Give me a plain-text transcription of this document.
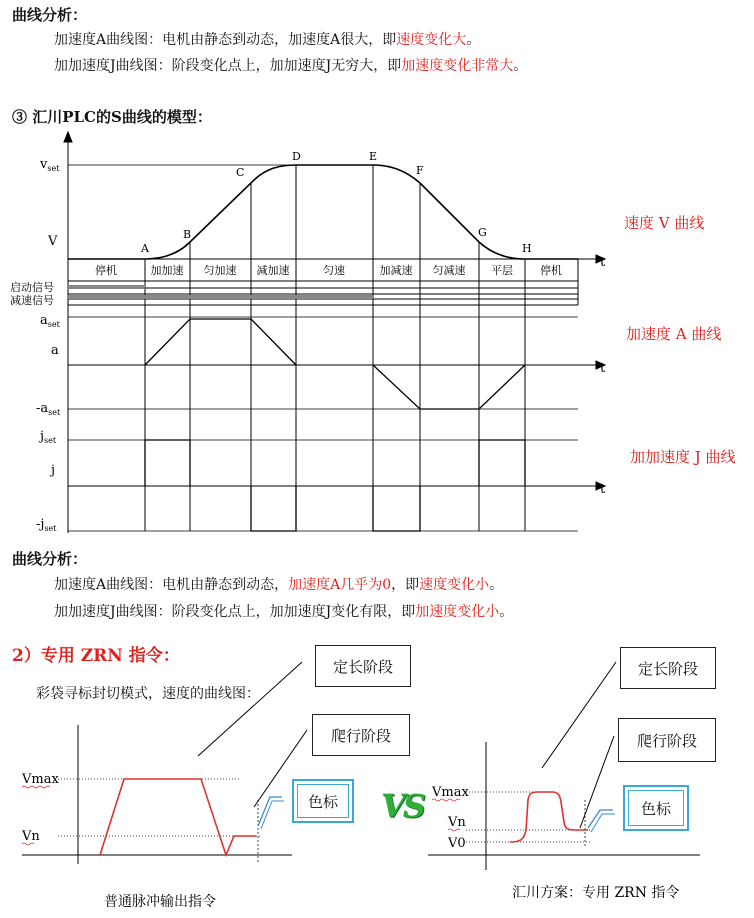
曲线分析：
加速度A曲线图：电机由静态到动态，加速度A很大，即速度变化大。
加加速度J曲线图：阶段变化点上，加加速度J无穷大，即加速度变化非常大。
③ 汇川PLC的S曲线的模型：
$v_{set}$
V
$a_{set}$
a
$-a_{set}$
$j_{set}$
j
$-j_{set}$
t
t
t
A
B
C
D	E
F
G
H
停机	加加速 匀加速 减加速	匀速	加减速 匀减速 平层 停机
启动信号
减速信号
速度 V 曲线
加速度 A 曲线
加加速度 J 曲线
曲线分析：
加速度A曲线图：电机由静态到动态，加速度A几乎为0，即速度变化小。
加加速度J曲线图：阶段变化点上，加加速度J变化有限，即加速度变化小。
2）专用 ZRN 指令：
彩袋寻标封切模式，速度的曲线图：
Vmax
Vn
普通脉冲输出指令
定长阶段
爬行阶段
色标	VS Vmax
Vn
V0
汇川方案：专用 ZRN 指令
定长阶段
爬行阶段
色标
